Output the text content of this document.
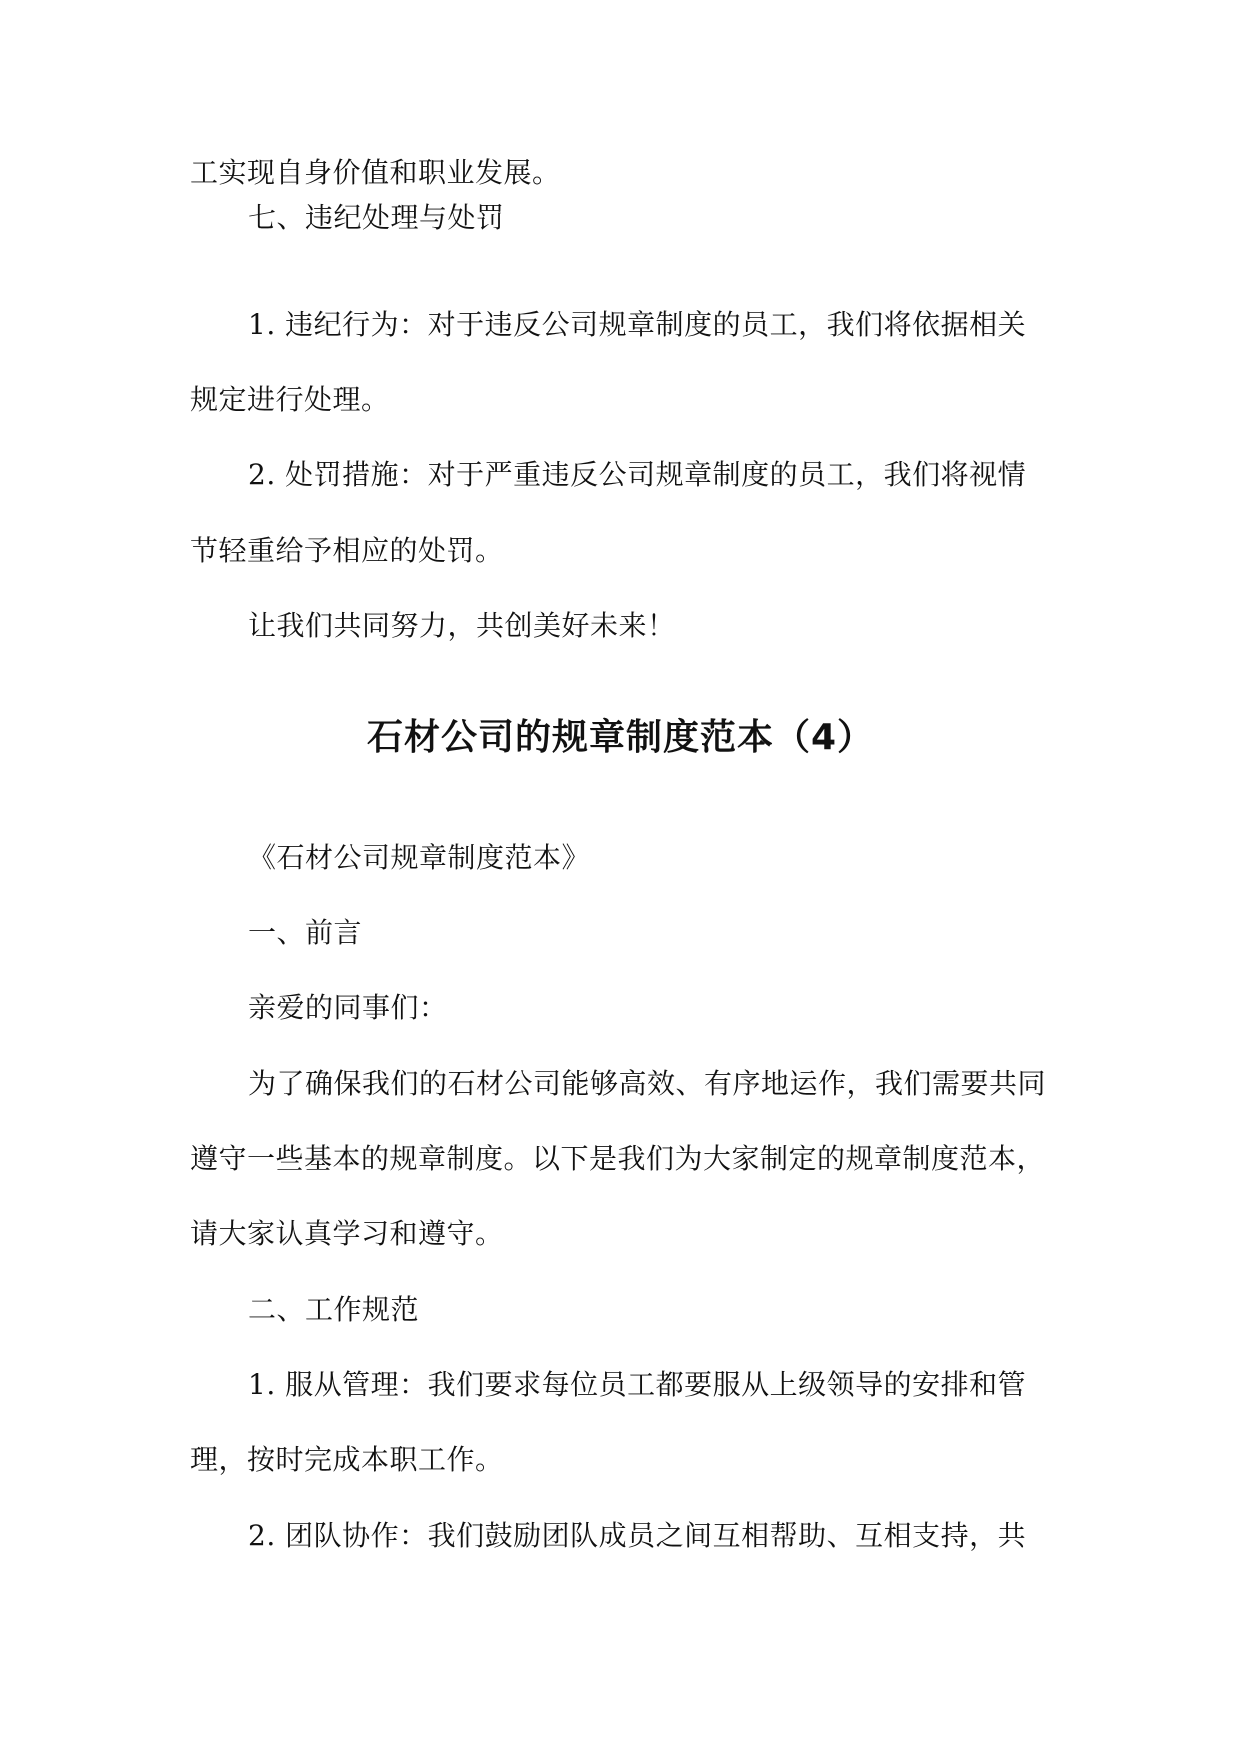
工实现自身价值和职业发展。
七、违纪处理与处罚
1. 违纪行为：对于违反公司规章制度的员工，我们将依据相关
规定进行处理。
2. 处罚措施：对于严重违反公司规章制度的员工，我们将视情
节轻重给予相应的处罚。
让我们共同努力，共创美好未来！
石材公司的规章制度范本（4）
《石材公司规章制度范本》
一、前言
亲爱的同事们：
为了确保我们的石材公司能够高效、有序地运作，我们需要共同
遵守一些基本的规章制度。以下是我们为大家制定的规章制度范本，
请大家认真学习和遵守。
二、工作规范
1. 服从管理：我们要求每位员工都要服从上级领导的安排和管
理，按时完成本职工作。
2. 团队协作：我们鼓励团队成员之间互相帮助、互相支持，共
